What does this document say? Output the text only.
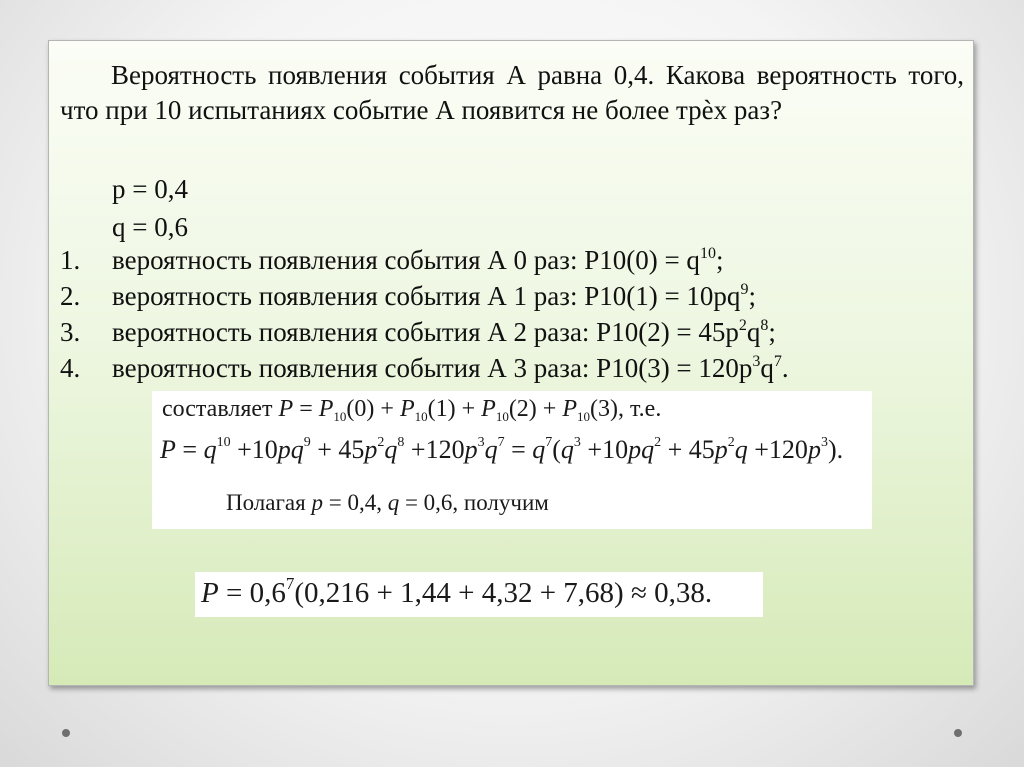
Вероятность появления события А равна 0,4. Какова вероятность того, что при 10 испытаниях событие А появится не более трѐх раз?

p = 0,4

q = 0,6

1. вероятность появления события А 0 раз: $Р10(0) = q^{10}$;
2. вероятность появления события А 1 раз: $Р10(1) = 10pq^9$;
3. вероятность появления события А 2 раза: $Р10(2) = 45p^2q^8$;
4. вероятность появления события А 3 раза: $Р10(3) = 120p^3q^7$.
составляет $P = P_{10}(0) + P_{10}(1) + P_{10}(2) + P_{10}(3)$, т.е.
$P = q^{10} +10pq^9 + 45p^2q^8 +120p^3q^7 = q^7(q^3 +10pq^2 + 45p^2q +120p^3)$.
Полагая p = 0,4, q = 0,6, получим
$P = 0,6^7(0,216 + 1,44 + 4,32 + 7,68) \approx 0,38$.
